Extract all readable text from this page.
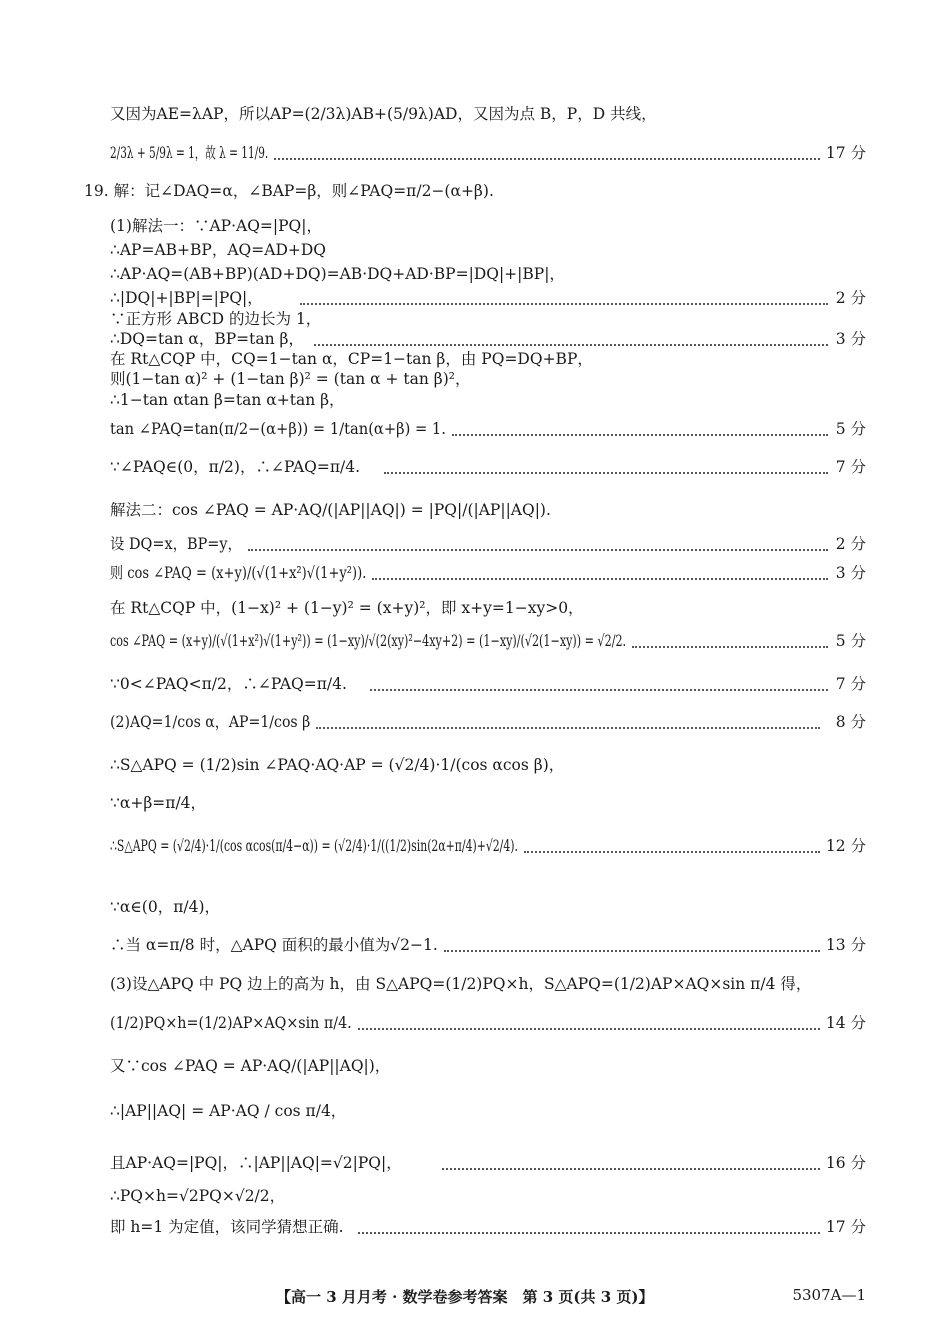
【高一 3 月月考 · 数学卷参考答案　第 3 页(共 3 页)】	5307A—1
又因为AE=λAP，所以AP=(2/3λ)AB+(5/9λ)AD，又因为点 B，P，D 共线，
2/3λ + 5/9λ = 1，故 λ = 11/9.	17 分
19. 解：记∠DAQ=α，∠BAP=β，则∠PAQ=π/2−(α+β).
(1)解法一：∵AP·AQ=|PQ|，
∴AP=AB+BP，AQ=AD+DQ
∴AP·AQ=(AB+BP)(AD+DQ)=AB·DQ+AD·BP=|DQ|+|BP|，
∴|DQ|+|BP|=|PQ|，	2 分
∵正方形 ABCD 的边长为 1，
∴DQ=tan α，BP=tan β，	3 分
在 Rt△CQP 中，CQ=1−tan α，CP=1−tan β，由 PQ=DQ+BP，
则(1−tan α)² + (1−tan β)² = (tan α + tan β)²，
∴1−tan αtan β=tan α+tan β，
tan ∠PAQ=tan(π/2−(α+β)) = 1/tan(α+β) = 1.	5 分
∵∠PAQ∈(0，π/2)，∴∠PAQ=π/4.	7 分
解法二：cos ∠PAQ = AP·AQ/(|AP||AQ|) = |PQ|/(|AP||AQ|).
设 DQ=x，BP=y，	2 分
则 cos ∠PAQ = (x+y)/(√(1+x²)√(1+y²)).	3 分
在 Rt△CQP 中，(1−x)² + (1−y)² = (x+y)²，即 x+y=1−xy>0，
cos ∠PAQ = (x+y)/(√(1+x²)√(1+y²)) = (1−xy)/√(2(xy)²−4xy+2) = (1−xy)/(√2(1−xy)) = √2/2.	5 分
∵0<∠PAQ<π/2，∴∠PAQ=π/4.	7 分
(2)AQ=1/cos α，AP=1/cos β	8 分
∴S△APQ = (1/2)sin ∠PAQ·AQ·AP = (√2/4)·1/(cos αcos β)，
∵α+β=π/4，
∴S△APQ = (√2/4)·1/(cos αcos(π/4−α)) = (√2/4)·1/((1/2)sin(2α+π/4)+√2/4).	12 分
∵α∈(0，π/4)，
∴当 α=π/8 时，△APQ 面积的最小值为√2−1.	13 分
(3)设△APQ 中 PQ 边上的高为 h，由 S△APQ=(1/2)PQ×h，S△APQ=(1/2)AP×AQ×sin π/4 得，
(1/2)PQ×h=(1/2)AP×AQ×sin π/4.	14 分
又∵cos ∠PAQ = AP·AQ/(|AP||AQ|)，
∴|AP||AQ| = AP·AQ / cos π/4，
且AP·AQ=|PQ|，∴|AP||AQ|=√2|PQ|，	16 分
∴PQ×h=√2PQ×√2/2，
即 h=1 为定值，该同学猜想正确.	17 分
